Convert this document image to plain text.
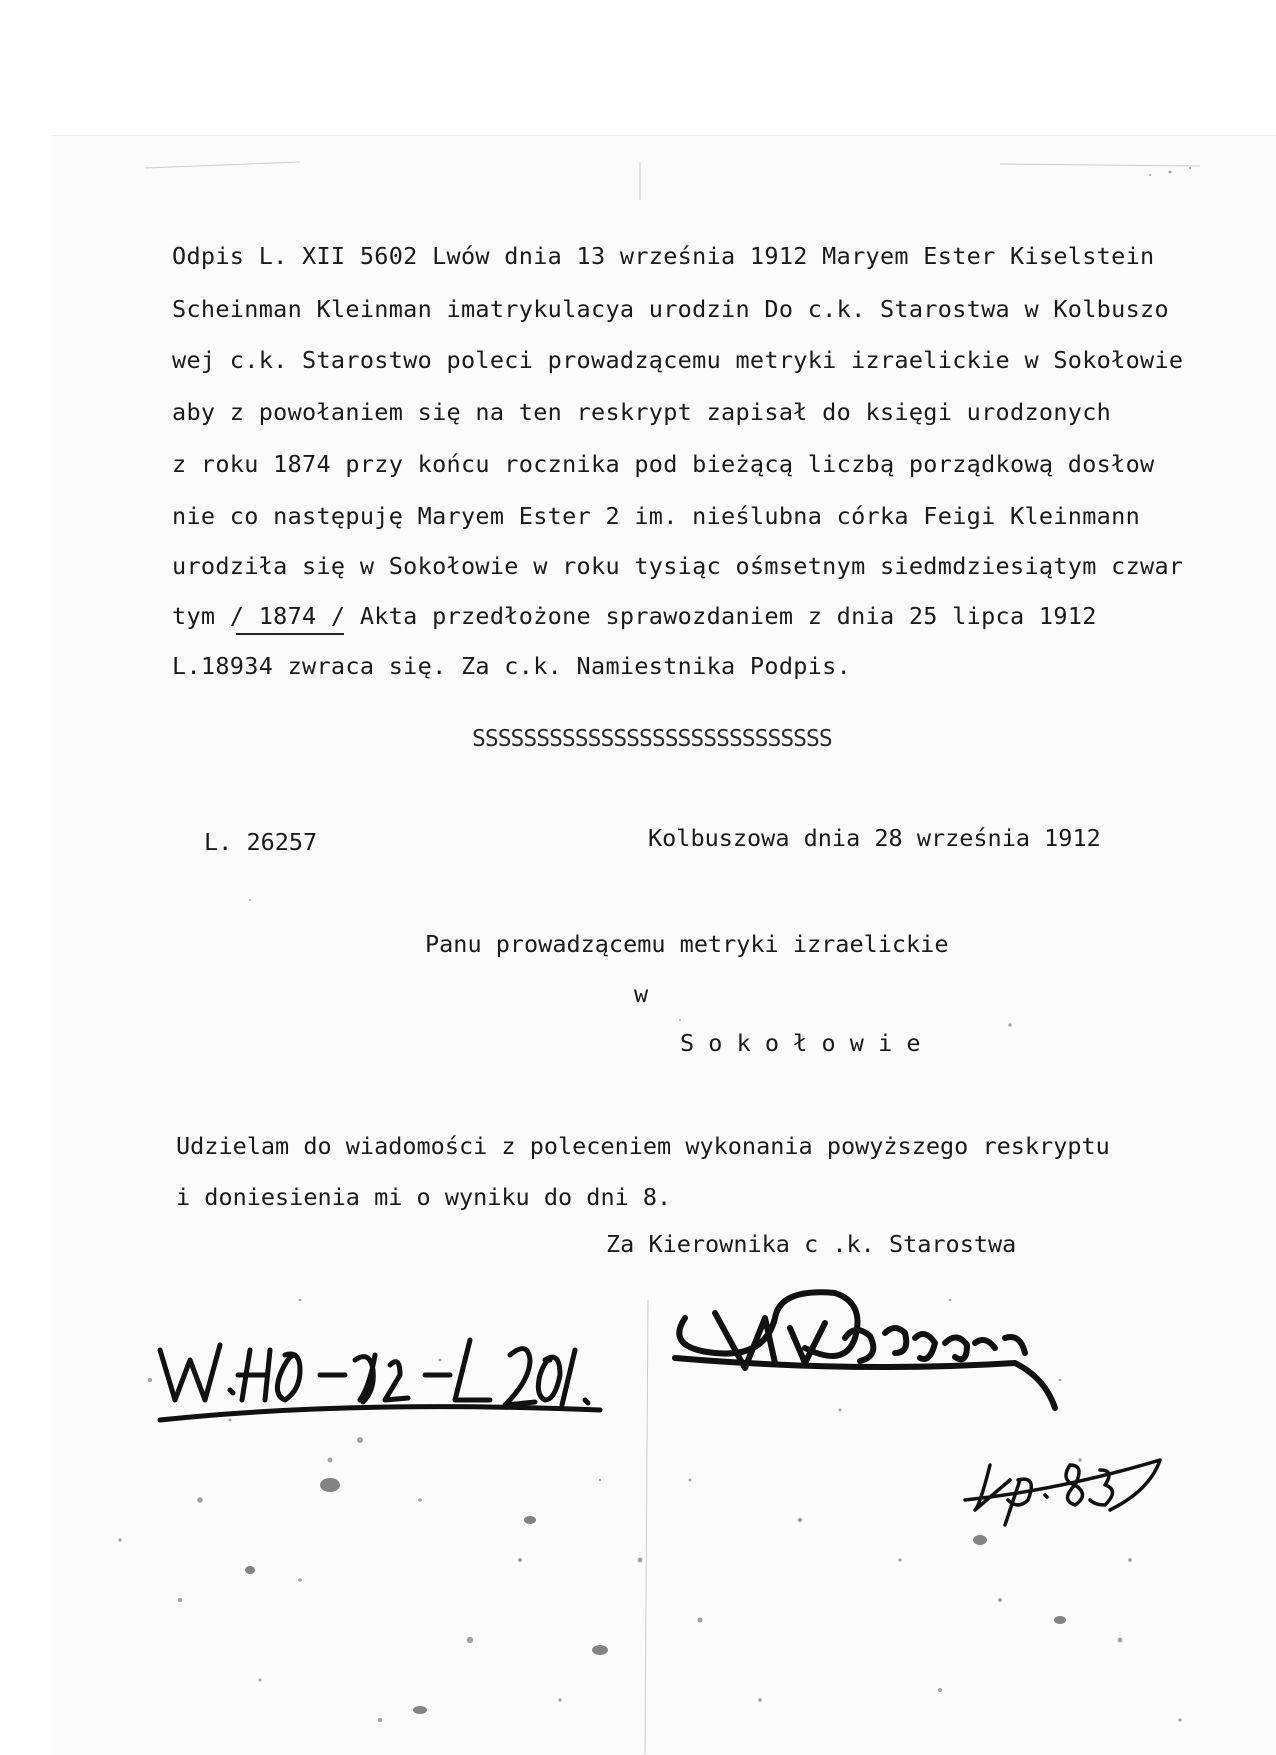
Odpis L. XII 5602 Lwów dnia 13 września 1912 Maryem Ester Kiselstein
Scheinman Kleinman imatrykulacya urodzin Do c.k. Starostwa w Kolbuszo
wej c.k. Starostwo poleci prowadzącemu metryki izraelickie w Sokołowie
aby z powołaniem się na ten reskrypt zapisał do księgi urodzonych
z roku 1874 przy końcu rocznika pod bieżącą liczbą porządkową dosłow
nie co następuję Maryem Ester 2 im. nieślubna córka Feigi Kleinmann
urodziła się w Sokołowie w roku tysiąc ośmsetnym siedmdziesiątym czwar
tym / 1874 / Akta przedłożone sprawozdaniem z dnia 25 lipca 1912
L.18934 zwraca się. Za c.k. Namiestnika Podpis.
SSSSSSSSSSSSSSSSSSSSSSSSSSSS
L. 26257	Kolbuszowa dnia 28 września 1912
Panu prowadzącemu metryki izraelickie
w
S o k o ł o w i e
Udzielam do wiadomości z poleceniem wykonania powyższego reskryptu
i doniesienia mi o wyniku do dni 8.
Za Kierownika c .k. Starostwa
